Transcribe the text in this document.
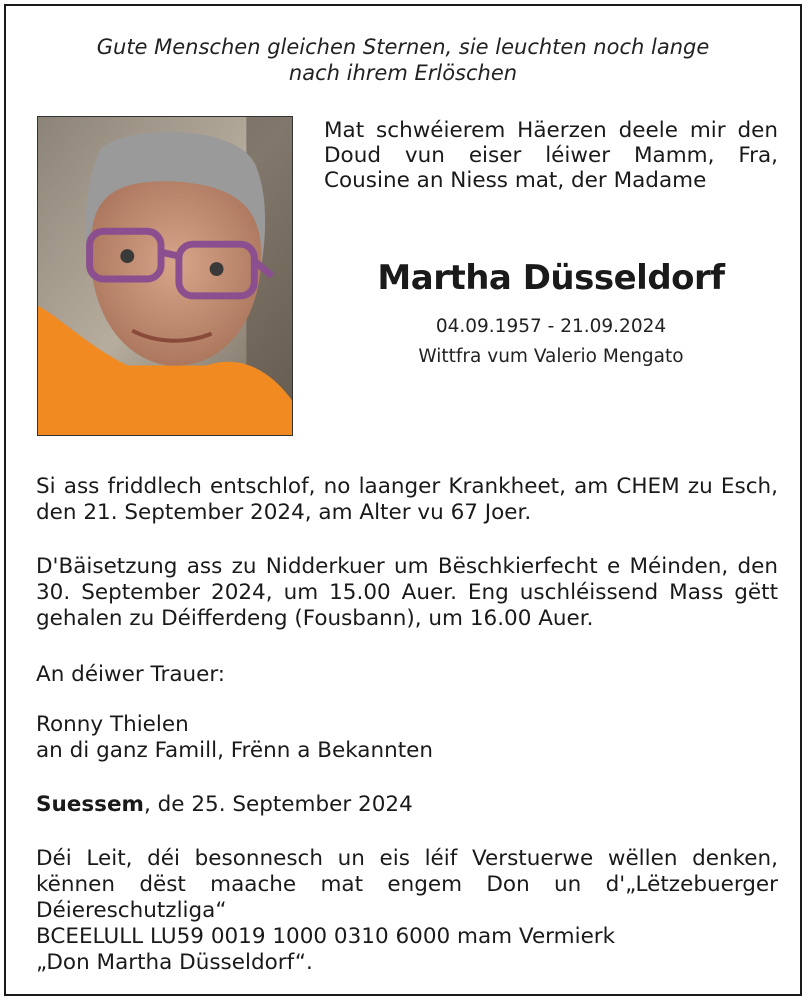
Gute Menschen gleichen Sternen, sie leuchten noch lange
nach ihrem Erlöschen
Mat schwéierem Häerzen deele mir den Doud vun eiser léiwer Mamm, Fra, Cousine an Niess mat, der Madame
Martha Düsseldorf
04.09.1957 - 21.09.2024
Wittfra vum Valerio Mengato

Si ass friddlech entschlof, no laanger Krankheet, am CHEM zu Esch, den 21. September 2024, am Alter vu 67 Joer.

D'Bäisetzung ass zu Nidderkuer um Bëschkierfecht e Méinden, den 30. September 2024, um 15.00 Auer. Eng uschléissend Mass gëtt gehalen zu Déifferdeng (Fousbann), um 16.00 Auer.

An déiwer Trauer:

Ronny Thielen
an di ganz Famill, Frënn a Bekannten
Suessem, de 25. September 2024

Déi Leit, déi besonnesch un eis léif Verstuerwe wëllen denken, kënnen dëst maache mat engem Don un d'„Lëtzebuerger Déiereschutzliga“

BCEELULL LU59 0019 1000 0310 6000 mam Vermierk
„Don Martha Düsseldorf“.
